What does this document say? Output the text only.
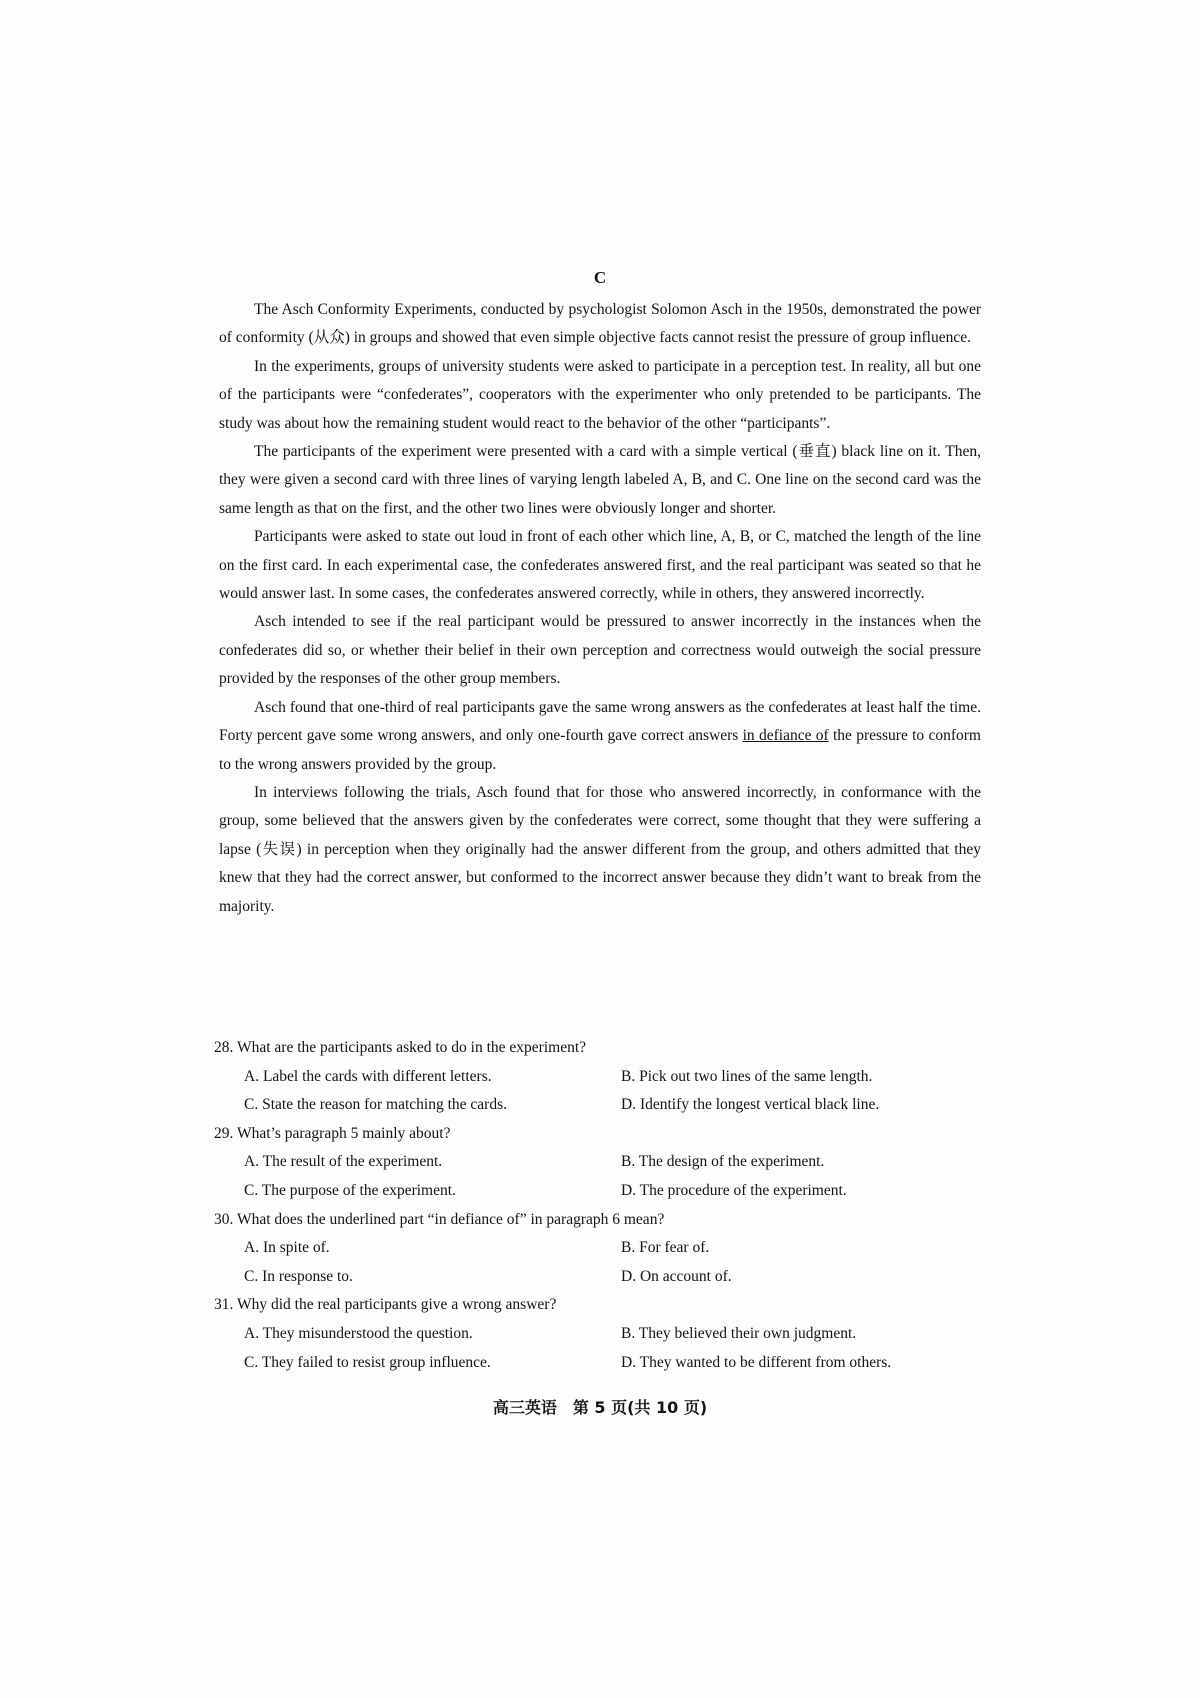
C

The Asch Conformity Experiments, conducted by psychologist Solomon Asch in the 1950s, demonstrated the power of conformity (从众) in groups and showed that even simple objective facts cannot resist the pressure of group influence.

In the experiments, groups of university students were asked to participate in a perception test. In reality, all but one of the participants were “confederates”, cooperators with the experimenter who only pretended to be participants. The study was about how the remaining student would react to the behavior of the other “participants”.

The participants of the experiment were presented with a card with a simple vertical (垂直) black line on it. Then, they were given a second card with three lines of varying length labeled A, B, and C. One line on the second card was the same length as that on the first, and the other two lines were obviously longer and shorter.

Participants were asked to state out loud in front of each other which line, A, B, or C, matched the length of the line on the first card. In each experimental case, the confederates answered first, and the real participant was seated so that he would answer last. In some cases, the confederates answered correctly, while in others, they answered incorrectly.

Asch intended to see if the real participant would be pressured to answer incorrectly in the instances when the confederates did so, or whether their belief in their own perception and correctness would outweigh the social pressure provided by the responses of the other group members.

Asch found that one-third of real participants gave the same wrong answers as the confederates at least half the time. Forty percent gave some wrong answers, and only one-fourth gave correct answers in defiance of the pressure to conform to the wrong answers provided by the group.

In interviews following the trials, Asch found that for those who answered incorrectly, in conformance with the group, some believed that the answers given by the confederates were correct, some thought that they were suffering a lapse (失误) in perception when they originally had the answer different from the group, and others admitted that they knew that they had the correct answer, but conformed to the incorrect answer because they didn’t want to break from the majority.

28. What are the participants asked to do in the experiment?
A. Label the cards with different letters.	B. Pick out two lines of the same length.
C. State the reason for matching the cards.	D. Identify the longest vertical black line.
29. What’s paragraph 5 mainly about?
A. The result of the experiment.	B. The design of the experiment.
C. The purpose of the experiment.	D. The procedure of the experiment.
30. What does the underlined part “in defiance of” in paragraph 6 mean?
A. In spite of.	B. For fear of.
C. In response to.	D. On account of.
31. Why did the real participants give a wrong answer?
A. They misunderstood the question.	B. They believed their own judgment.
C. They failed to resist group influence.	D. They wanted to be different from others.
高三英语　第 5 页(共 10 页)
